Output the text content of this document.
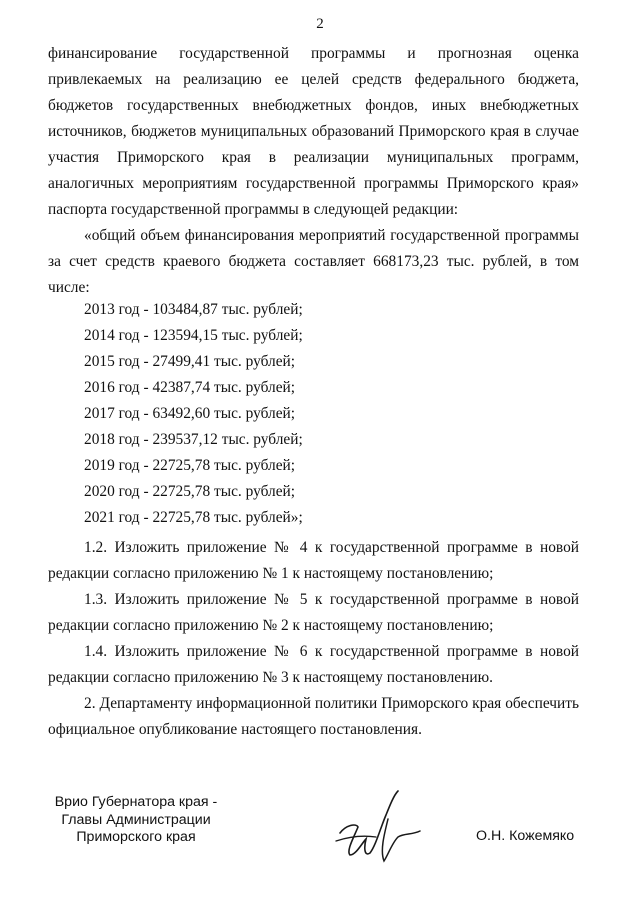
2
финансирование государственной программы и прогнозная оценка привлекаемых на реализацию ее целей средств федерального бюджета, бюджетов государственных внебюджетных фондов, иных внебюджетных источников, бюджетов муниципальных образований Приморского края в случае участия Приморского края в реализации муниципальных программ, аналогичных мероприятиям государственной программы Приморского края» паспорта государственной программы в следующей редакции:
«общий объем финансирования мероприятий государственной программы за счет средств краевого бюджета составляет 668173,23 тыс. рублей, в том числе:
2013 год - 103484,87 тыс. рублей;
2014 год - 123594,15 тыс. рублей;
2015 год - 27499,41 тыс. рублей;
2016 год - 42387,74 тыс. рублей;
2017 год - 63492,60 тыс. рублей;
2018 год - 239537,12 тыс. рублей;
2019 год - 22725,78 тыс. рублей;
2020 год - 22725,78 тыс. рублей;
2021 год - 22725,78 тыс. рублей»;
1.2. Изложить приложение № 4 к государственной программе в новой редакции согласно приложению № 1 к настоящему постановлению;
1.3. Изложить приложение № 5 к государственной программе в новой редакции согласно приложению № 2 к настоящему постановлению;
1.4. Изложить приложение № 6 к государственной программе в новой редакции согласно приложению № 3 к настоящему постановлению.
2. Департаменту информационной политики Приморского края обеспечить официальное опубликование настоящего постановления.
Врио Губернатора края -
Главы Администрации
Приморского края	О.Н. Кожемяко
